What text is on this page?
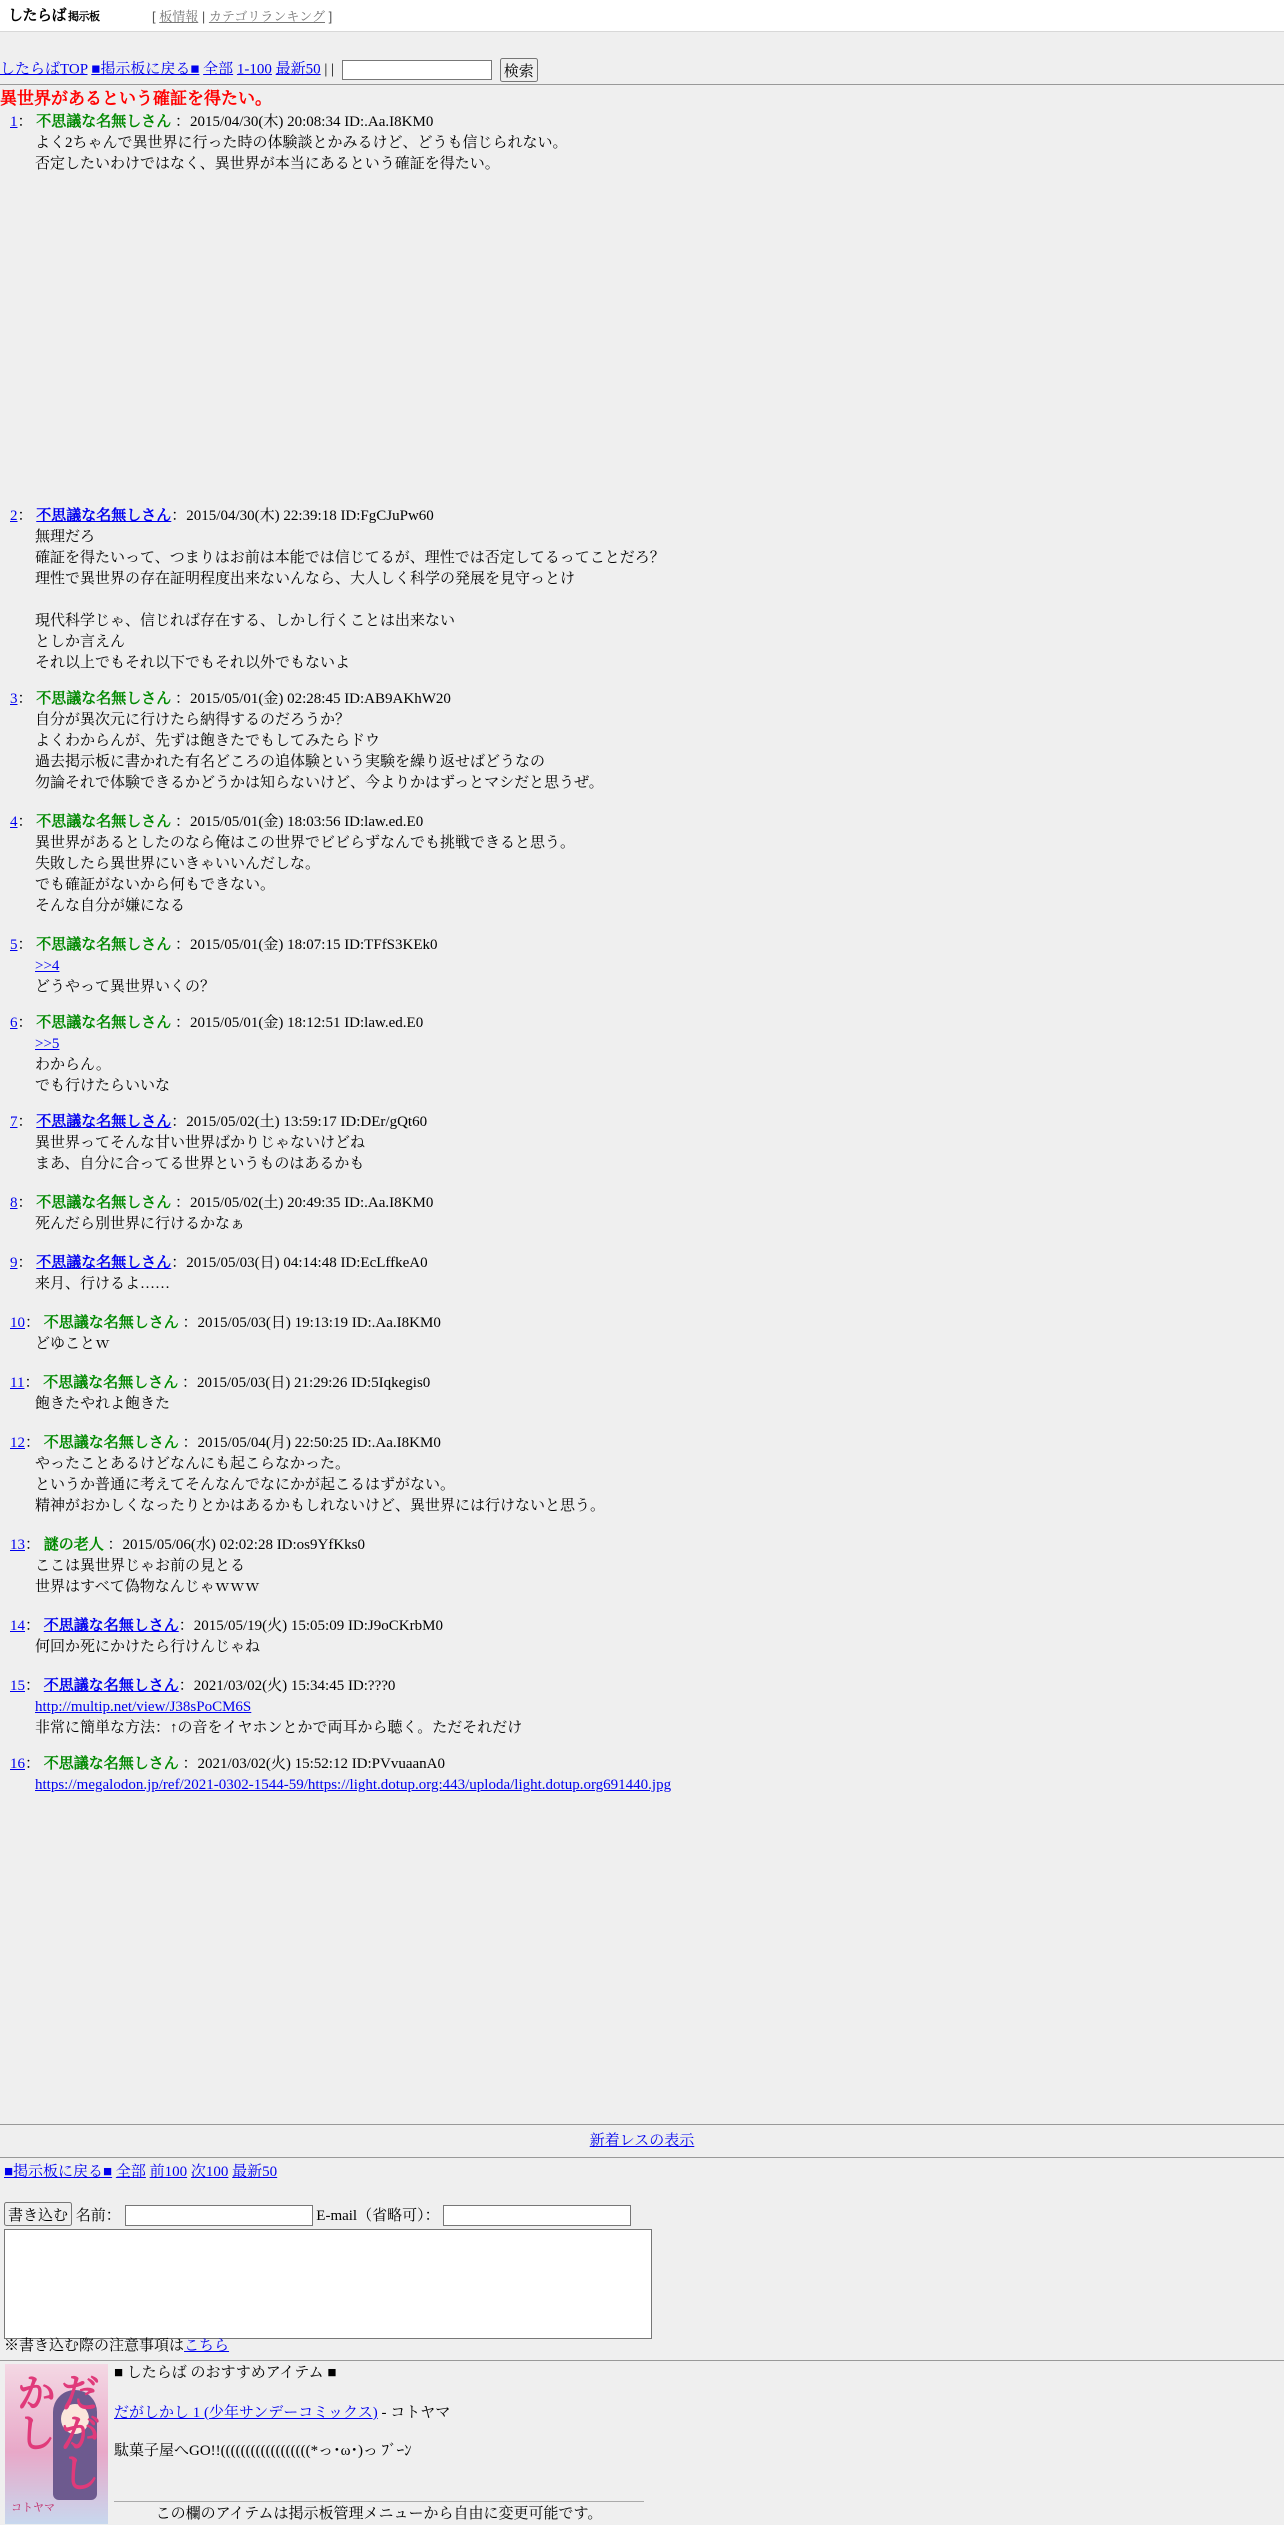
したらば 掲示板	[ 板情報 | カテゴリランキング ]
したらばTOP ■掲示板に戻る■ 全部 1-100 最新50 | |	検索
異世界があるという確証を得たい。
1： 不思議な名無しさん ：2015/04/30(木) 20:08:34 ID:.Aa.I8KM0
よく2ちゃんで異世界に行った時の体験談とかみるけど、どうも信じられない。
否定したいわけではなく、異世界が本当にあるという確証を得たい。
2： 不思議な名無しさん：2015/04/30(木) 22:39:18 ID:FgCJuPw60
無理だろ
確証を得たいって、つまりはお前は本能では信じてるが、理性では否定してるってことだろ？
理性で異世界の存在証明程度出来ないんなら、大人しく科学の発展を見守っとけ

現代科学じゃ、信じれば存在する、しかし行くことは出来ない
としか言えん
それ以上でもそれ以下でもそれ以外でもないよ
3： 不思議な名無しさん ：2015/05/01(金) 02:28:45 ID:AB9AKhW20
自分が異次元に行けたら納得するのだろうか？
よくわからんが、先ずは飽きたでもしてみたらドウ
過去掲示板に書かれた有名どころの追体験という実験を繰り返せばどうなの
勿論それで体験できるかどうかは知らないけど、今よりかはずっとマシだと思うぜ。
4： 不思議な名無しさん ：2015/05/01(金) 18:03:56 ID:law.ed.E0
異世界があるとしたのなら俺はこの世界でビビらずなんでも挑戦できると思う。
失敗したら異世界にいきゃいいんだしな。
でも確証がないから何もできない。
そんな自分が嫌になる
5： 不思議な名無しさん ：2015/05/01(金) 18:07:15 ID:TFfS3KEk0
>>4
どうやって異世界いくの？
6： 不思議な名無しさん ：2015/05/01(金) 18:12:51 ID:law.ed.E0
>>5
わからん。
でも行けたらいいな
7： 不思議な名無しさん：2015/05/02(土) 13:59:17 ID:DEr/gQt60
異世界ってそんな甘い世界ばかりじゃないけどね
まあ、自分に合ってる世界というものはあるかも
8： 不思議な名無しさん ：2015/05/02(土) 20:49:35 ID:.Aa.I8KM0
死んだら別世界に行けるかなぁ
9： 不思議な名無しさん：2015/05/03(日) 04:14:48 ID:EcLffkeA0
来月、行けるよ……
10： 不思議な名無しさん ：2015/05/03(日) 19:13:19 ID:.Aa.I8KM0
どゆことｗ
11： 不思議な名無しさん ：2015/05/03(日) 21:29:26 ID:5Iqkegis0
飽きたやれよ飽きた
12： 不思議な名無しさん ：2015/05/04(月) 22:50:25 ID:.Aa.I8KM0
やったことあるけどなんにも起こらなかった。
というか普通に考えてそんなんでなにかが起こるはずがない。
精神がおかしくなったりとかはあるかもしれないけど、異世界には行けないと思う。
13： 謎の老人 ：2015/05/06(水) 02:02:28 ID:os9YfKks0
ここは異世界じゃお前の見とる
世界はすべて偽物なんじゃｗｗｗ
14： 不思議な名無しさん：2015/05/19(火) 15:05:09 ID:J9oCKrbM0
何回か死にかけたら行けんじゃね
15： 不思議な名無しさん：2021/03/02(火) 15:34:45 ID:???0
http://multip.net/view/J38sPoCM6S
非常に簡単な方法：↑の音をイヤホンとかで両耳から聴く。ただそれだけ
16： 不思議な名無しさん ：2021/03/02(火) 15:52:12 ID:PVvuaanA0
https://megalodon.jp/ref/2021-0302-1544-59/https://light.dotup.org:443/uploda/light.dotup.org691440.jpg
新着レスの表示
■掲示板に戻る■ 全部 前100 次100 最新50
書き込む 名前：	E-mail（省略可）：
※書き込む際の注意事項はこちら
だがしかし
コトヤマ
■ したらば のおすすめアイテム ■
だがしかし 1 (少年サンデーコミックス) - コトヤマ
駄菓子屋へGO!!((((((((((((((((((*っ･ω･)っ ﾌﾞｰﾝ
この欄のアイテムは掲示板管理メニューから自由に変更可能です。
